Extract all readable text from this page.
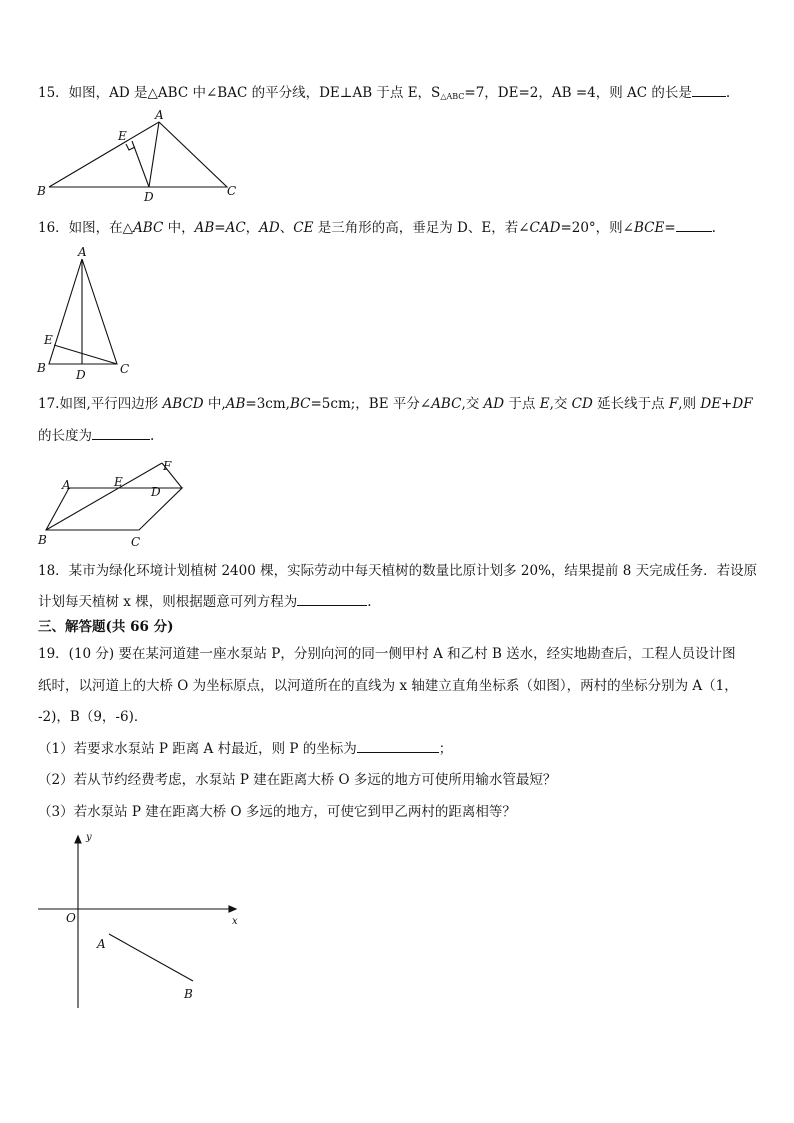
15．如图，AD 是△ABC 中∠BAC 的平分线，DE⊥AB 于点 E，$S_{\triangle ABC}=7$，DE=2，AB =4，则 AC 的长是	.
A
B	C
D
E
16．如图，在△ABC 中，AB=AC，AD、CE 是三角形的高，垂足为 D、E，若∠CAD=20°，则∠BCE=	.
A
B	C
D
E
17.如图,平行四边形 ABCD 中,AB=3cm,BC=5cm;，BE 平分∠ABC,交 AD 于点 E,交 CD 延长线于点 F,则 DE+DF
的长度为	.
A
B	C
D
E
F
18．某市为绿化环境计划植树 2400 棵，实际劳动中每天植树的数量比原计划多 20%，结果提前 8 天完成任务．若设原
计划每天植树 x 棵，则根据题意可列方程为	.
三、解答题(共 66 分)
19．(10 分) 要在某河道建一座水泵站 P，分别向河的同一侧甲村 A 和乙村 B 送水，经实地勘查后，工程人员设计图
纸时，以河道上的大桥 O 为坐标原点，以河道所在的直线为 x 轴建立直角坐标系（如图），两村的坐标分别为 A（1，
-2)，B（9，-6)．
（1）若要求水泵站 P 距离 A 村最近，则 P 的坐标为	；
（2）若从节约经费考虑，水泵站 P 建在距离大桥 O 多远的地方可使所用输水管最短？
（3）若水泵站 P 建在距离大桥 O 多远的地方，可使它到甲乙两村的距离相等？
y
x
O
A
B
